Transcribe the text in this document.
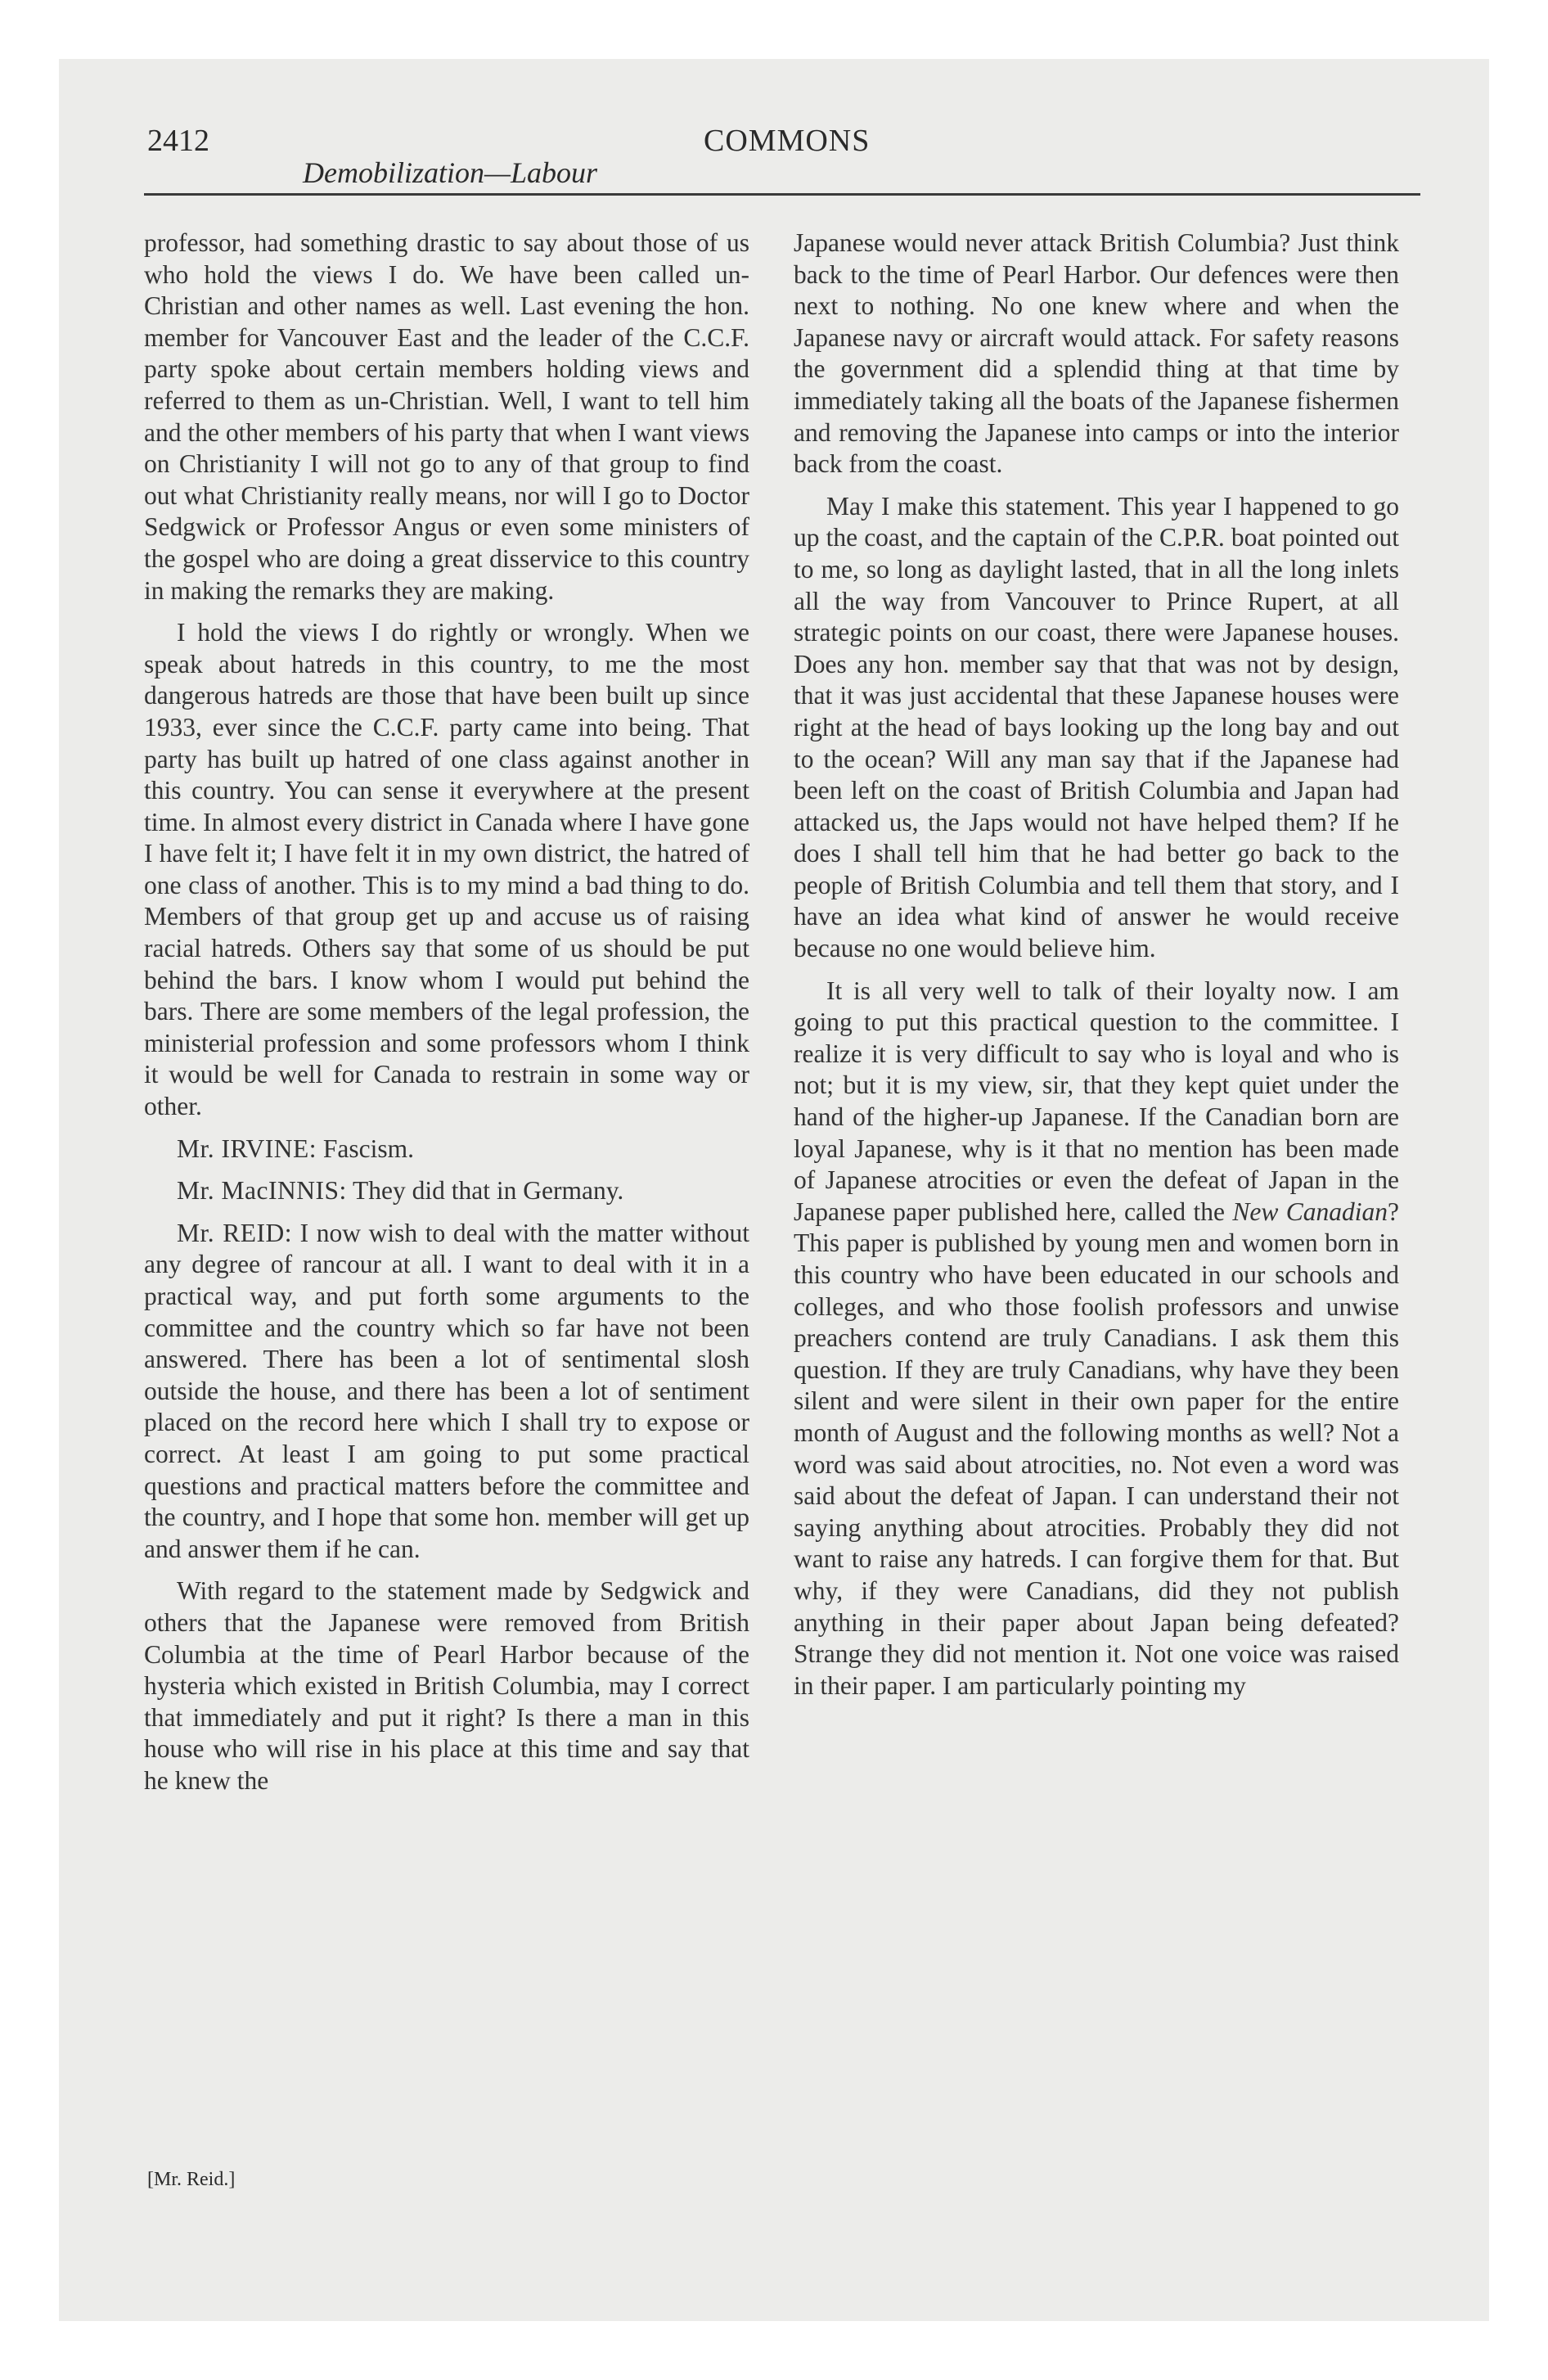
2412
Demobilization—Labour
COMMONS

professor, had something drastic to say about those of us who hold the views I do. We have been called un-Christian and other names as well. Last evening the hon. member for Vancouver East and the leader of the C.C.F. party spoke about certain members holding views and referred to them as un-Christian. Well, I want to tell him and the other members of his party that when I want views on Christianity I will not go to any of that group to find out what Christianity really means, nor will I go to Doctor Sedgwick or Professor Angus or even some ministers of the gospel who are doing a great disservice to this country in making the remarks they are making.

I hold the views I do rightly or wrongly. When we speak about hatreds in this country, to me the most dangerous hatreds are those that have been built up since 1933, ever since the C.C.F. party came into being. That party has built up hatred of one class against another in this country. You can sense it everywhere at the present time. In almost every district in Canada where I have gone I have felt it; I have felt it in my own district, the hatred of one class of another. This is to my mind a bad thing to do. Members of that group get up and accuse us of raising racial hatreds. Others say that some of us should be put behind the bars. I know whom I would put behind the bars. There are some members of the legal profession, the ministerial profession and some professors whom I think it would be well for Canada to restrain in some way or other.

Mr. IRVINE: Fascism.

Mr. MacINNIS: They did that in Germany.

Mr. REID: I now wish to deal with the matter without any degree of rancour at all. I want to deal with it in a practical way, and put forth some arguments to the committee and the country which so far have not been answered. There has been a lot of sentimental slosh outside the house, and there has been a lot of sentiment placed on the record here which I shall try to expose or correct. At least I am going to put some practical questions and practical matters before the committee and the country, and I hope that some hon. member will get up and answer them if he can.

With regard to the statement made by Sedgwick and others that the Japanese were removed from British Columbia at the time of Pearl Harbor because of the hysteria which existed in British Columbia, may I correct that immediately and put it right? Is there a man in this house who will rise in his place at this time and say that he knew the

Japanese would never attack British Columbia? Just think back to the time of Pearl Harbor. Our defences were then next to nothing. No one knew where and when the Japanese navy or aircraft would attack. For safety reasons the government did a splendid thing at that time by immediately taking all the boats of the Japanese fishermen and removing the Japanese into camps or into the interior back from the coast.

May I make this statement. This year I happened to go up the coast, and the captain of the C.P.R. boat pointed out to me, so long as daylight lasted, that in all the long inlets all the way from Vancouver to Prince Rupert, at all strategic points on our coast, there were Japanese houses. Does any hon. member say that that was not by design, that it was just accidental that these Japanese houses were right at the head of bays looking up the long bay and out to the ocean? Will any man say that if the Japanese had been left on the coast of British Columbia and Japan had attacked us, the Japs would not have helped them? If he does I shall tell him that he had better go back to the people of British Columbia and tell them that story, and I have an idea what kind of answer he would receive because no one would believe him.

It is all very well to talk of their loyalty now. I am going to put this practical question to the committee. I realize it is very difficult to say who is loyal and who is not; but it is my view, sir, that they kept quiet under the hand of the higher-up Japanese. If the Canadian born are loyal Japanese, why is it that no mention has been made of Japanese atrocities or even the defeat of Japan in the Japanese paper published here, called the New Canadian? This paper is published by young men and women born in this country who have been educated in our schools and colleges, and who those foolish professors and unwise preachers contend are truly Canadians. I ask them this question. If they are truly Canadians, why have they been silent and were silent in their own paper for the entire month of August and the following months as well? Not a word was said about atrocities, no. Not even a word was said about the defeat of Japan. I can understand their not saying anything about atrocities. Probably they did not want to raise any hatreds. I can forgive them for that. But why, if they were Canadians, did they not publish anything in their paper about Japan being defeated? Strange they did not mention it. Not one voice was raised in their paper. I am particularly pointing my

[Mr. Reid.]
